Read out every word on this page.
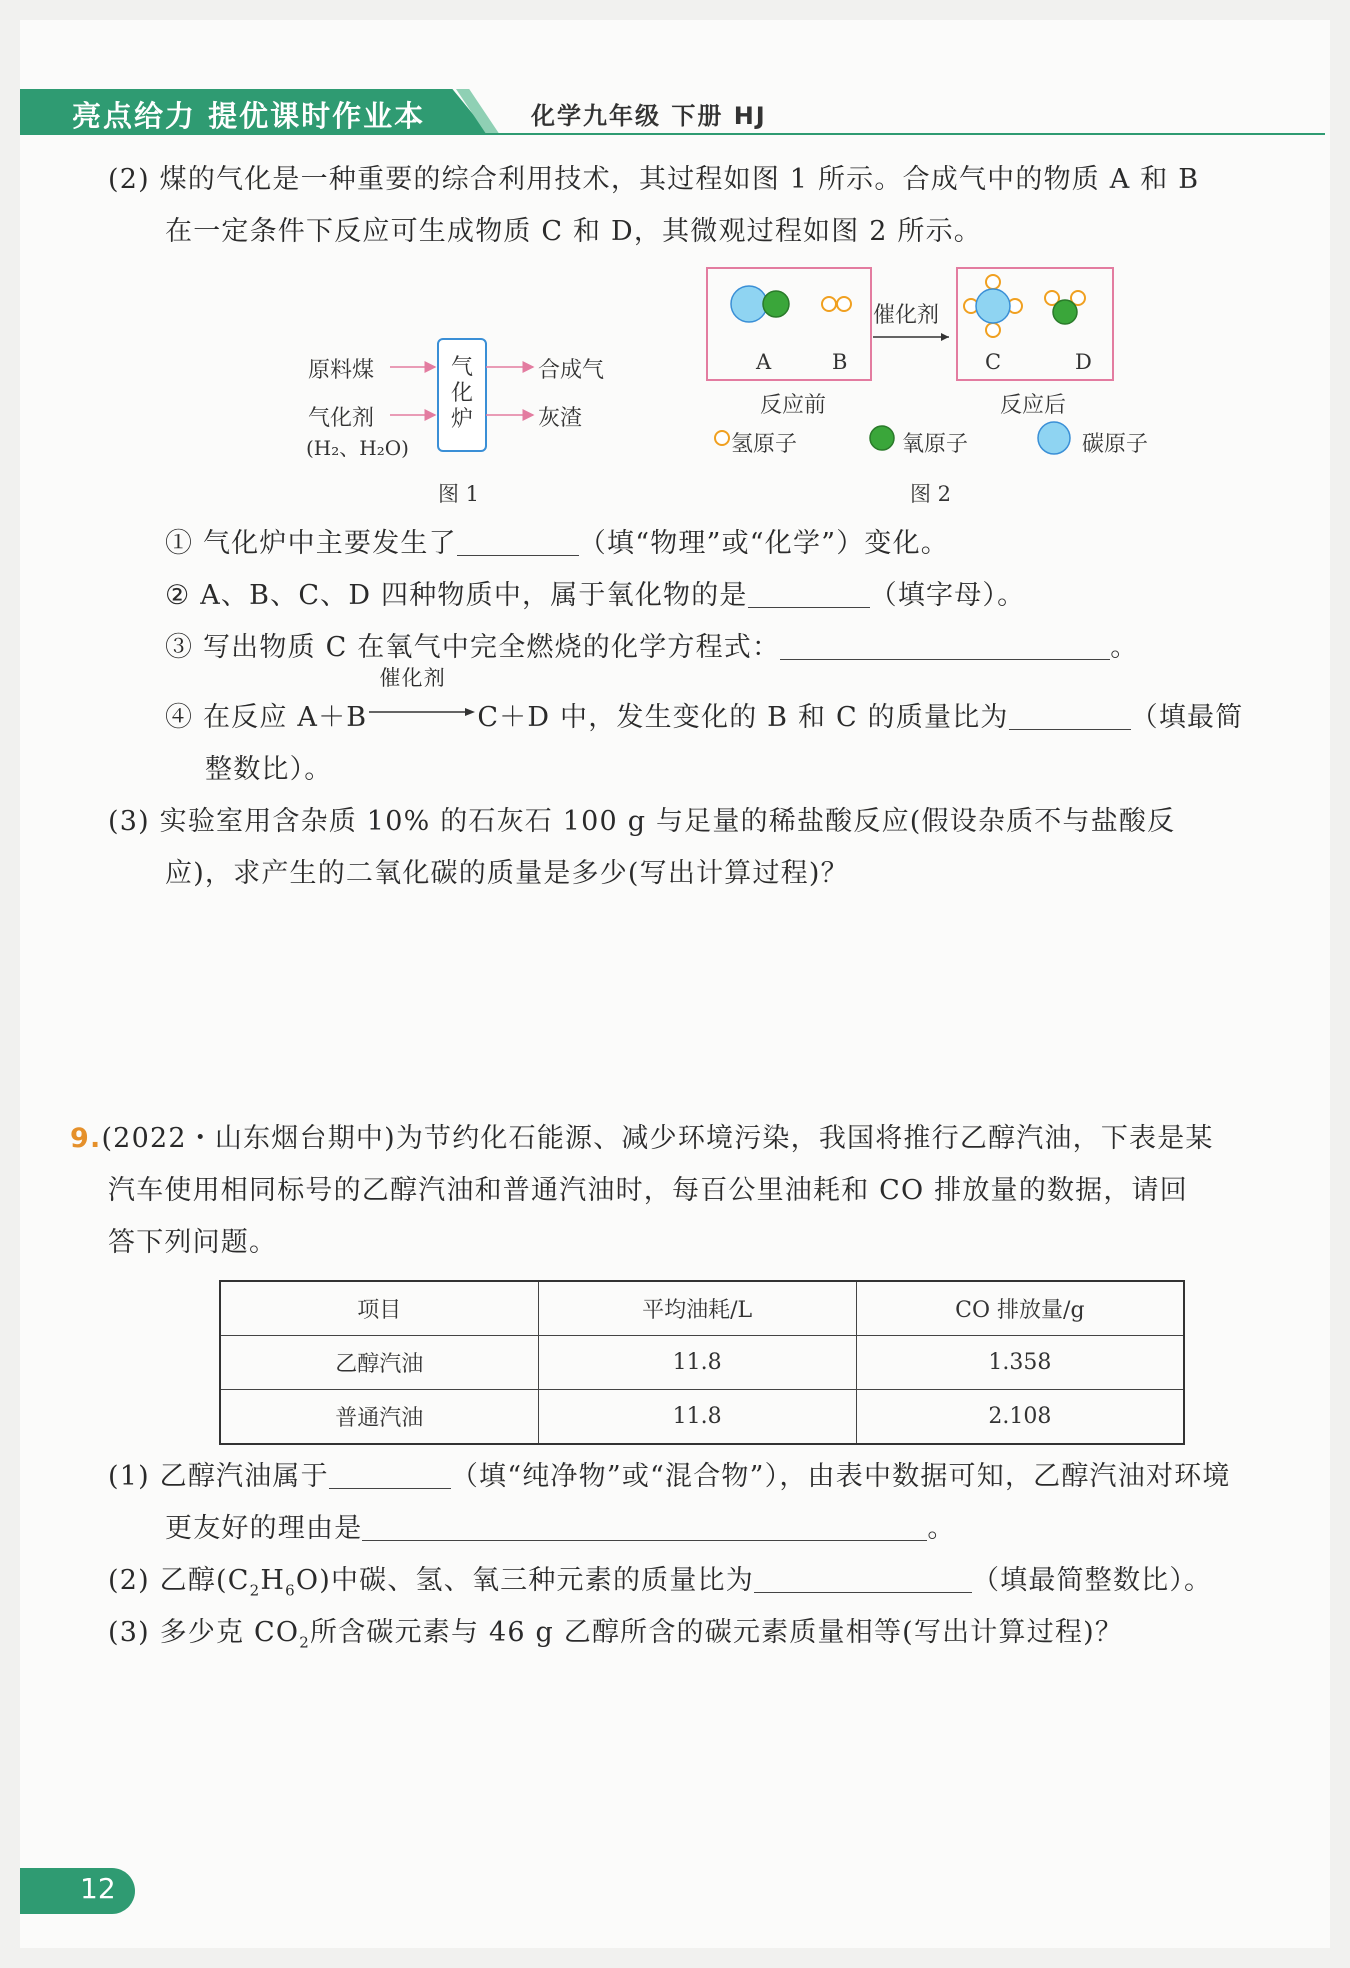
亮点给力 提优课时作业本	化学九年级 下册 HJ
(2) 煤的气化是一种重要的综合利用技术，其过程如图 1 所示。合成气中的物质 A 和 B
在一定条件下反应可生成物质 C 和 D，其微观过程如图 2 所示。
原料煤
气化剂
(H₂、H₂O)
气
化
炉
合成气
灰渣
图 1
催化剂
A	B	C	D
反应前	反应后
氢原子	氧原子	碳原子
图 2
① 气化炉中主要发生了	（填“物理”或“化学”）变化。
② A、B、C、D 四种物质中，属于氧化物的是	（填字母）。
③ 写出物质 C 在氧气中完全燃烧的化学方程式：	。
④ 在反应 A＋B
催化剂
C＋D 中，发生变化的 B 和 C 的质量比为	（填最简
整数比）。
(3) 实验室用含杂质 10% 的石灰石 100 g 与足量的稀盐酸反应(假设杂质不与盐酸反
应)，求产生的二氧化碳的质量是多少(写出计算过程)？
9.(2022・山东烟台期中)为节约化石能源、减少环境污染，我国将推行乙醇汽油，下表是某
汽车使用相同标号的乙醇汽油和普通汽油时，每百公里油耗和 CO 排放量的数据，请回
答下列问题。
项目	平均油耗/L	CO 排放量/g
乙醇汽油	11.8	1.358
普通汽油	11.8	2.108
(1) 乙醇汽油属于	（填“纯净物”或“混合物”），由表中数据可知，乙醇汽油对环境
更友好的理由是	。
(2) 乙醇$(C_2H_6O)$中碳、氢、氧三种元素的质量比为	（填最简整数比）。
(3) 多少克 $CO_2$所含碳元素与 46 g 乙醇所含的碳元素质量相等(写出计算过程)？
12
